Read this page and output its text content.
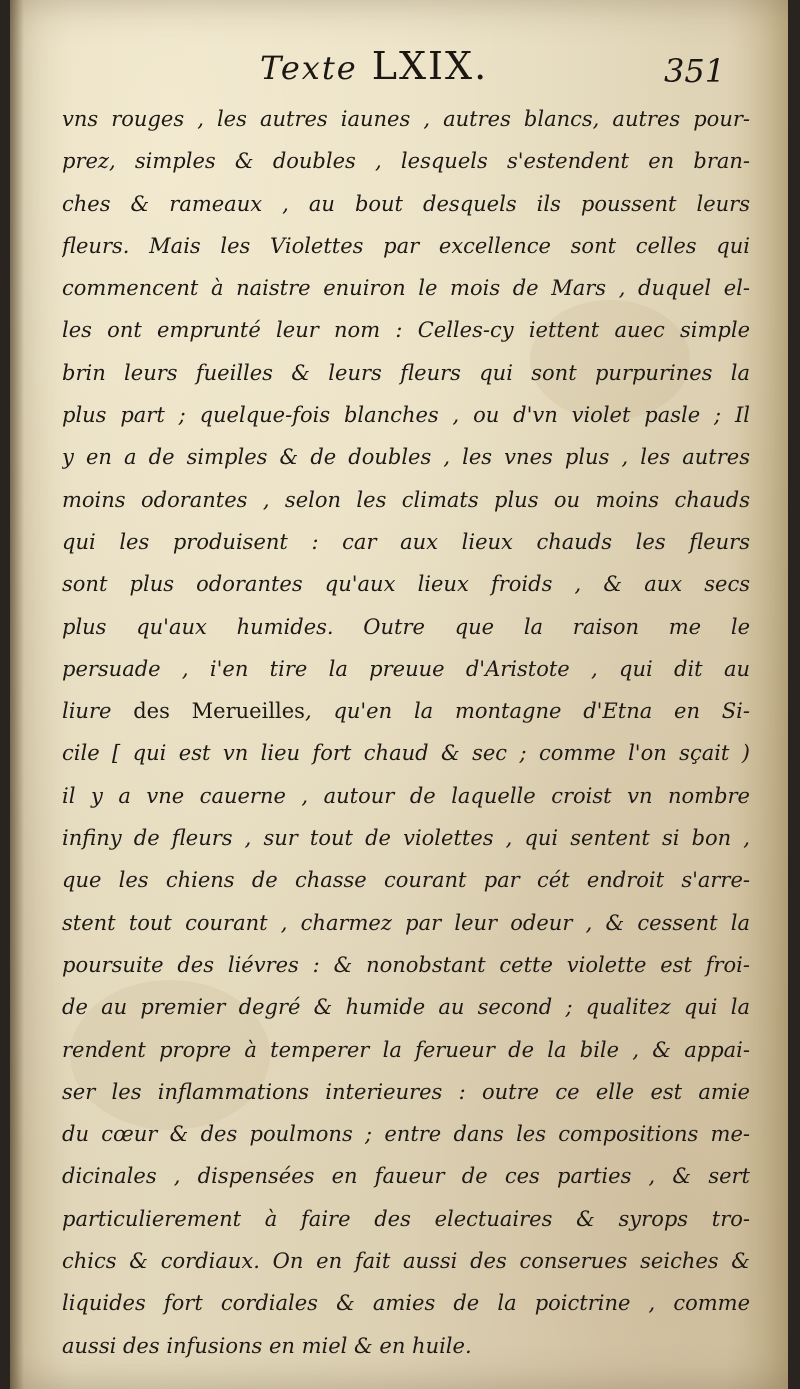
Texte LXIX.	351
vns rouges , les autres iaunes , autres blancs, autres pour-
prez, simples & doubles , lesquels s'estendent en bran-
ches & rameaux , au bout desquels ils poussent leurs
fleurs. Mais les Violettes par excellence sont celles qui
commencent à naistre enuiron le mois de Mars , duquel el-
les ont emprunté leur nom : Celles-cy iettent auec simple
brin leurs fueilles & leurs fleurs qui sont purpurines la
plus part ; quelque-fois blanches , ou d'vn violet pasle ; Il
y en a de simples & de doubles , les vnes plus , les autres
moins odorantes , selon les climats plus ou moins chauds
qui les produisent : car aux lieux chauds les fleurs
sont plus odorantes qu'aux lieux froids , & aux secs
plus qu'aux humides. Outre que la raison me le
persuade , i'en tire la preuue d'Aristote , qui dit au
liure des Merueilles, qu'en la montagne d'Etna en Si-
cile [ qui est vn lieu fort chaud & sec ; comme l'on sçait )
il y a vne cauerne , autour de laquelle croist vn nombre
infiny de fleurs , sur tout de violettes , qui sentent si bon ,
que les chiens de chasse courant par cét endroit s'arre-
stent tout courant , charmez par leur odeur , & cessent la
poursuite des liévres : & nonobstant cette violette est froi-
de au premier degré & humide au second ; qualitez qui la
rendent propre à temperer la ferueur de la bile , & appai-
ser les inflammations interieures : outre ce elle est amie
du cœur & des poulmons ; entre dans les compositions me-
dicinales , dispensées en faueur de ces parties , & sert
particulierement à faire des electuaires & syrops tro-
chics & cordiaux. On en fait aussi des conserues seiches &
liquides fort cordiales & amies de la poictrine , comme
aussi des infusions en miel & en huile.
